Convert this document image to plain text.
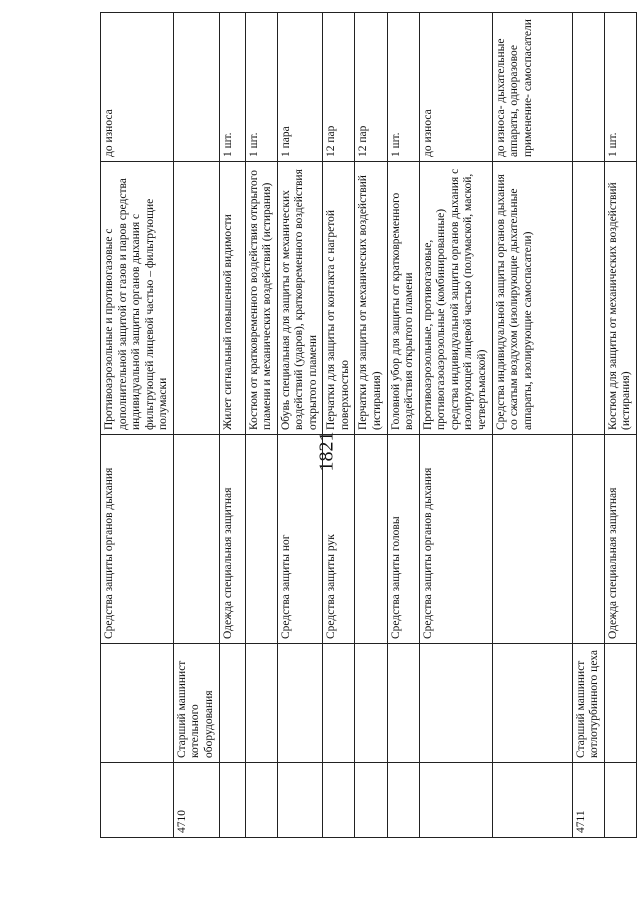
1821
		Средства защиты органов дыхания	Противоаэрозольные и противогазовые с дополнительной защитой от газов и паров средства индивидуальной защиты органов дыхания с фильтрующей лицевой частью – фильтрующие полумаски	до износа
4710	Старший машинист котельного оборудования			
		Одежда специальная защитная	Жилет сигнальный повышенной видимости	1 шт.
			Костюм от кратковременного воздействия открытого пламени и механических воздействий (истирания)	1 шт.
		Средства защиты ног	Обувь специальная для защиты от механических воздействий (ударов), кратковременного воздействия открытого пламени	1 пара
		Средства защиты рук	Перчатки для защиты от контакта с нагретой поверхностью	12 пар
			Перчатки для защиты от механических воздействий (истирания)	12 пар
		Средства защиты головы	Головной убор для защиты от кратковременного воздействия открытого пламени	1 шт.
		Средства защиты органов дыхания	Противоаэрозольные, противогазовые, противогазоаэрозольные (комбинированные) средства индивидуальной защиты органов дыхания с изолирующей лицевой частью (полумаской, маской, четвертьмаской)	до износа
			Средства индивидуальной защиты органов дыхания со сжатым воздухом (изолирующие дыхательные аппараты, изолирующие самоспасатели)	до износа- дыхательные аппараты, одноразовое применение- самоспасатели
4711	Старший машинист котлотурбинного цеха			
		Одежда специальная защитная	Костюм для защиты от механических воздействий (истирания)	1 шт.
